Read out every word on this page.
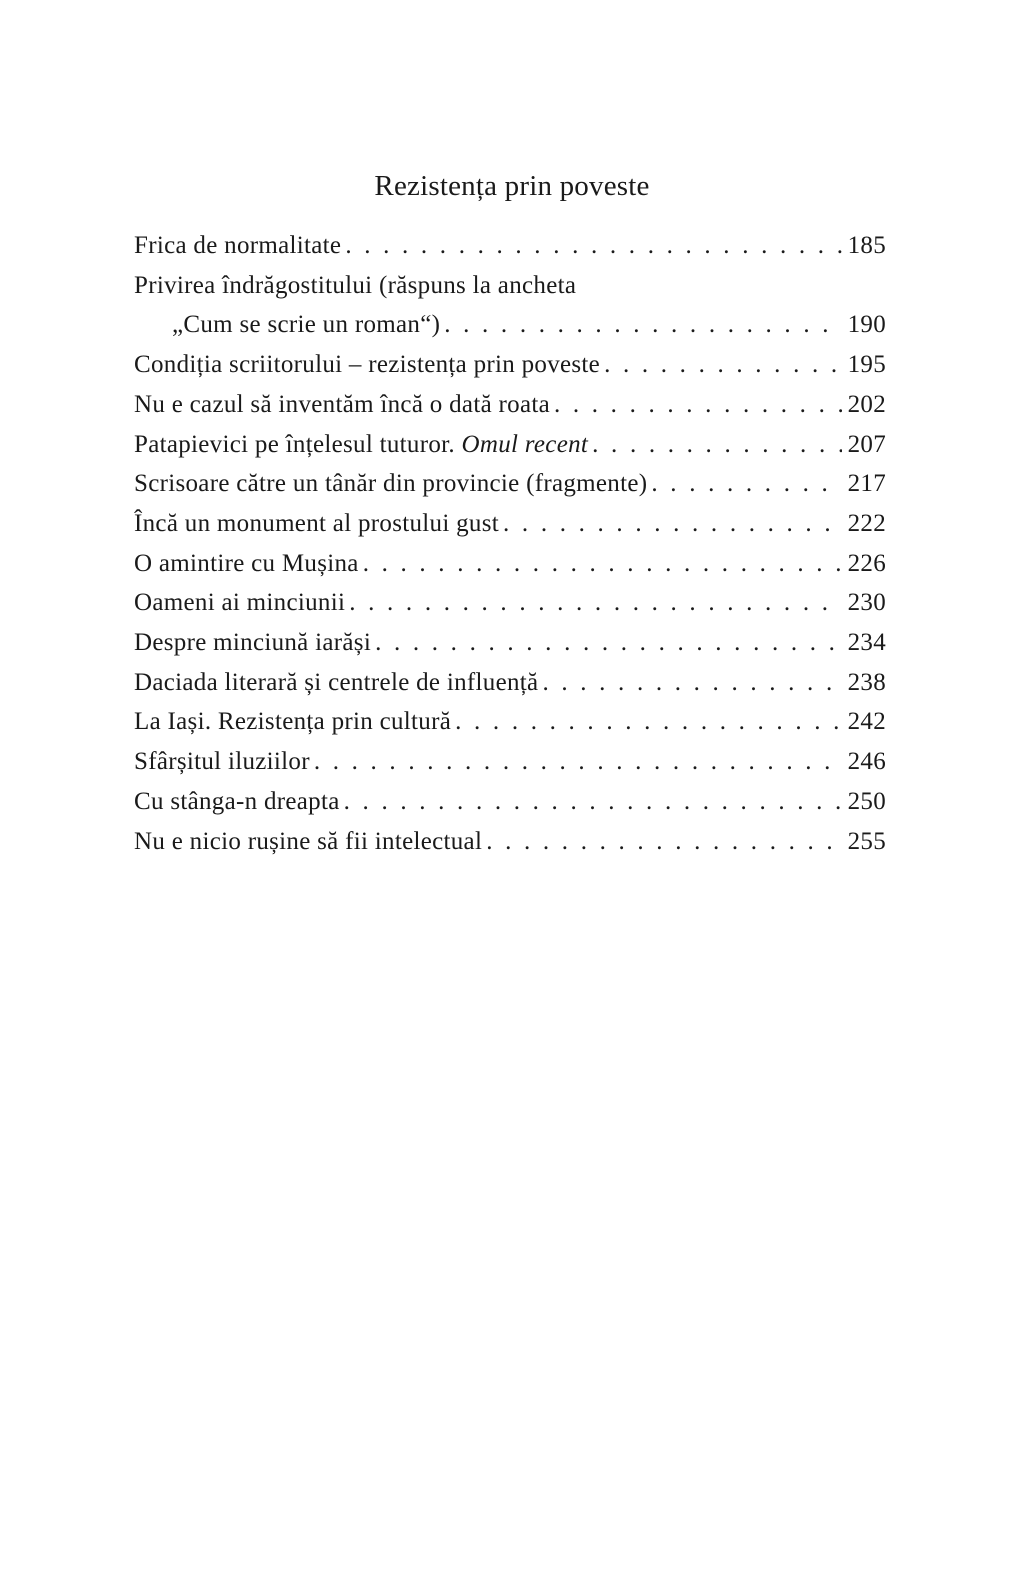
Rezistența prin poveste
Frica de normalitate . . .	185
Privirea îndrăgostitului (răspuns la ancheta
„Cum se scrie un roman“) . . .	190
Condiția scriitorului – rezistența prin poveste . . .	195
Nu e cazul să inventăm încă o dată roata . . .	202
Patapievici pe înțelesul tuturor. Omul recent . . .	207
Scrisoare către un tânăr din provincie (fragmente) . . .	217
Încă un monument al prostului gust . . .	222
O amintire cu Mușina . . .	226
Oameni ai minciunii . . .	230
Despre minciună iarăși . . .	234
Daciada literară și centrele de influență . . .	238
La Iași. Rezistența prin cultură . . .	242
Sfârșitul iluziilor . . .	246
Cu stânga-n dreapta . . .	250
Nu e nicio rușine să fii intelectual . . .	255
